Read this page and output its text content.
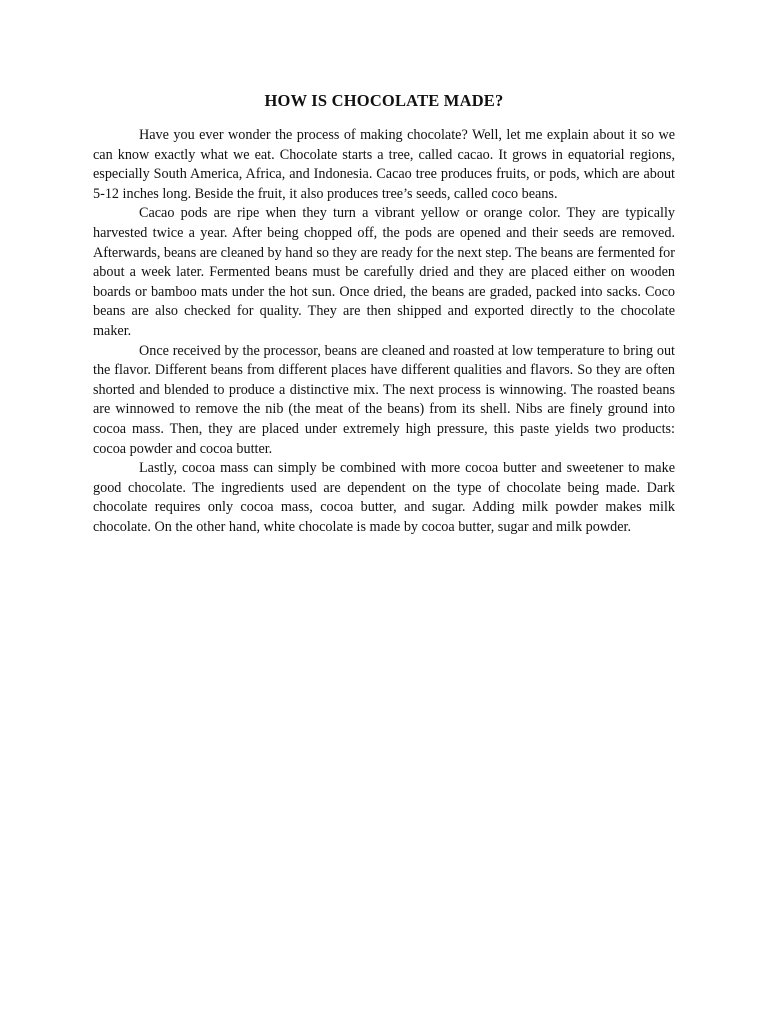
HOW IS CHOCOLATE MADE?

Have you ever wonder the process of making chocolate? Well, let me explain about it so we can know exactly what we eat. Chocolate starts a tree, called cacao. It grows in equatorial regions, especially South America, Africa, and Indonesia. Cacao tree produces fruits, or pods, which are about 5-12 inches long. Beside the fruit, it also produces tree’s seeds, called coco beans.

Cacao pods are ripe when they turn a vibrant yellow or orange color. They are typically harvested twice a year. After being chopped off, the pods are opened and their seeds are removed. Afterwards, beans are cleaned by hand so they are ready for the next step. The beans are fermented for about a week later. Fermented beans must be carefully dried and they are placed either on wooden boards or bamboo mats under the hot sun. Once dried, the beans are graded, packed into sacks. Coco beans are also checked for quality. They are then shipped and exported directly to the chocolate maker.

Once received by the processor, beans are cleaned and roasted at low temperature to bring out the flavor. Different beans from different places have different qualities and flavors. So they are often shorted and blended to produce a distinctive mix. The next process is winnowing. The roasted beans are winnowed to remove the nib (the meat of the beans) from its shell. Nibs are finely ground into cocoa mass. Then, they are placed under extremely high pressure, this paste yields two products: cocoa powder and cocoa butter.

Lastly, cocoa mass can simply be combined with more cocoa butter and sweetener to make good chocolate. The ingredients used are dependent on the type of chocolate being made. Dark chocolate requires only cocoa mass, cocoa butter, and sugar. Adding milk powder makes milk chocolate. On the other hand, white chocolate is made by cocoa butter, sugar and milk powder.
